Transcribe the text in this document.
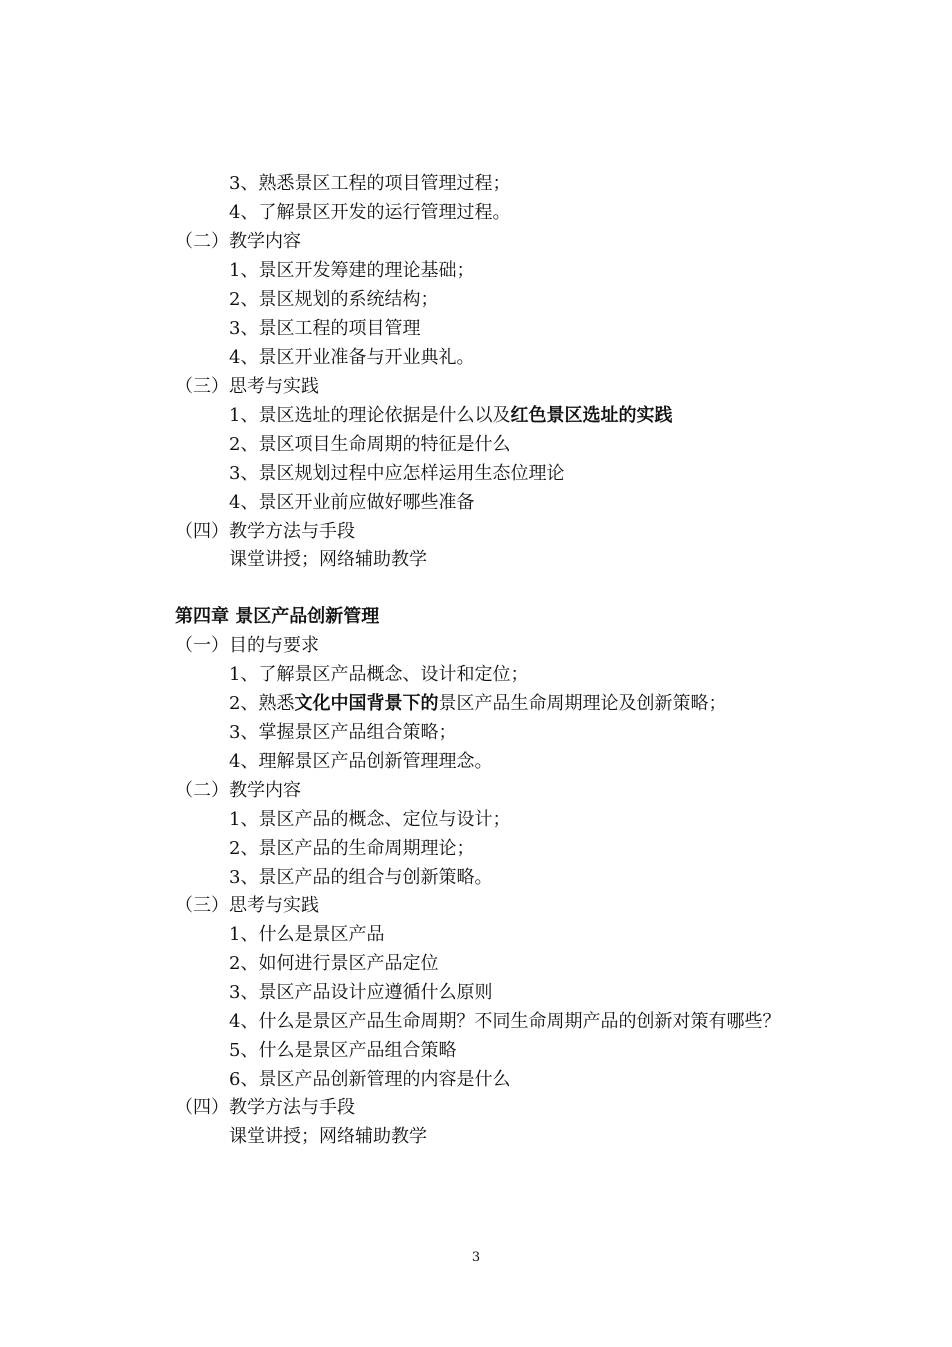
3、熟悉景区工程的项目管理过程；
4、了解景区开发的运行管理过程。
（二）教学内容
1、景区开发筹建的理论基础；
2、景区规划的系统结构；
3、景区工程的项目管理
4、景区开业准备与开业典礼。
（三）思考与实践
1、景区选址的理论依据是什么以及红色景区选址的实践
2、景区项目生命周期的特征是什么
3、景区规划过程中应怎样运用生态位理论
4、景区开业前应做好哪些准备
（四）教学方法与手段
课堂讲授；网络辅助教学
第四章 景区产品创新管理
（一）目的与要求
1、了解景区产品概念、设计和定位；
2、熟悉文化中国背景下的景区产品生命周期理论及创新策略；
3、掌握景区产品组合策略；
4、理解景区产品创新管理理念。
（二）教学内容
1、景区产品的概念、定位与设计；
2、景区产品的生命周期理论；
3、景区产品的组合与创新策略。
（三）思考与实践
1、什么是景区产品
2、如何进行景区产品定位
3、景区产品设计应遵循什么原则
4、什么是景区产品生命周期？不同生命周期产品的创新对策有哪些？
5、什么是景区产品组合策略
6、景区产品创新管理的内容是什么
（四）教学方法与手段
课堂讲授；网络辅助教学
3
